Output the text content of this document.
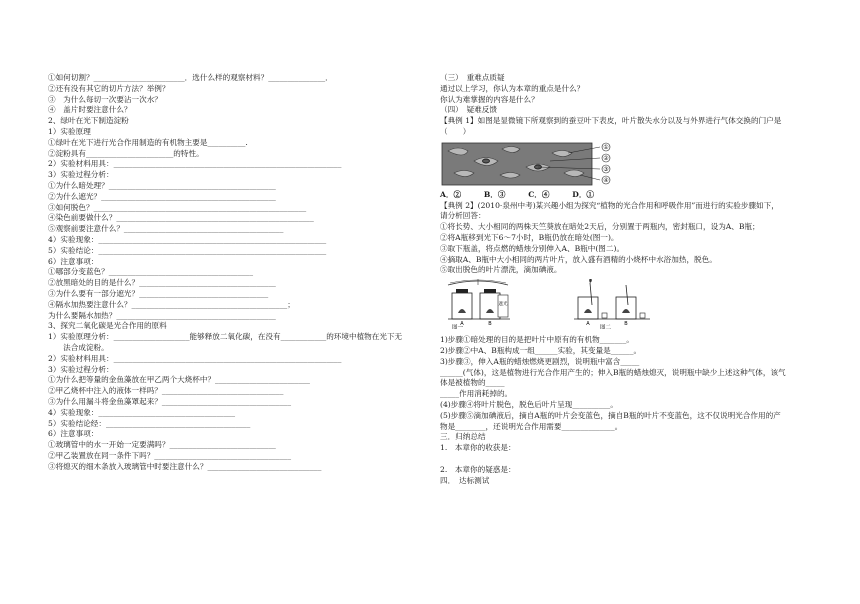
①如何切割？________________________．选什么样的观察材料？_______________．
②还有没有其它的切片方法？举例？
③　为什么每切一次要沾一次水？
④　盖片时要注意什么？
2、绿叶在光下制造淀粉
1）实验原理
①绿叶在光下进行光合作用制造的有机物主要是__________.
②淀粉具有_______________________的特性。
2）实验材料用具：____________________________________________________________
3）实验过程分析：
①为什么暗处理？____________________________________________
②为什么遮光？______________________________________________
③如何脱色？________________________________________________________
④染色前要做什么？____________________________________________________
⑤观察前要注意什么？__________________________________________
4）实验现象：____________________________________________________________
5）实验结论：____________________________________________________________
6）注意事项：
①哪部分变蓝色？______________________________________
②放黑暗处的目的是什么？____________________________________
③为什么要有一部分遮光？__________________________________
④隔水加热要注意什么？_________________________________________；
为什么要隔水加热？__________________________________________
3、探究二氧化碳是光合作用的原料
1）实验原理分析：____________________能够释放二氧化碳，在没有____________的环境中植物在光下无
　　法合成淀粉。
2）实验材料用具：____________________________________________________________
3）实验过程分析：
①为什么把等量的金鱼藻放在甲乙两个大烧杯中？_________________________
②甲乙烧杯中注入的液体一样吗？________________________________
③为什么用漏斗将金鱼藻罩起来？__________________________________
4）实验现象：____________________________________
5）实验结论经：______________________________________
6）注意事项：
①玻璃管中的水一开始一定要满吗？____________________________
②甲乙装置放在同一条件下吗？____________________________________
③将熄灭的细木条放入玻璃管中时要注意什么？______________________________
（三）　重难点质疑
通过以上学习，你认为本章的重点是什么？
你认为难掌握的内容是什么？
（四）　疑难反馈
【典例 1】如图是显微镜下所观察到的蚕豆叶下表皮，叶片散失水分以及与外界进行气体交换的门户是
（　　）
①
②
③
④
A．②　　　B．③　　　C．④　　　D．①
【典例 2】(2010·泉州中考)某兴趣小组为探究“植物的光合作用和呼吸作用”而进行的实验步骤如下，
请分析回答：
①将长势、大小相同的两株天竺葵放在暗处2天后，分别置于两瓶内，密封瓶口，设为A、B瓶；
②将A瓶移到光下6～7小时，B瓶仍放在暗处(图一)。
③取下瓶盖，将点燃的蜡烛分别伸入A、B瓶中(图二)。
④摘取A、B瓶中大小相同的两片叶片，放入盛有酒精的小烧杯中水浴加热，脱色。
⑤取出脱色的叶片漂洗，滴加碘液。
遮光
A	B
图一
A	B
图二
1)步骤①暗处理的目的是把叶片中原有的有机物_______。
2)步骤②中A、B瓶构成一组______实验，其变量是______。
3)步骤③，伸入A瓶的蜡烛燃烧更剧烈，说明瓶中富含_____
______(气体)，这是植物进行光合作用产生的；伸入B瓶的蜡烛熄灭，说明瓶中缺少上述这种气体，该气
体是被植物的_____
_____作用消耗掉的。
(4)步骤④将叶片脱色，脱色后叶片呈现__________。
(5)步骤⑤滴加碘液后，摘自A瓶的叶片会变蓝色，摘自B瓶的叶片不变蓝色，这不仅说明光合作用的产
物是________，还说明光合作用需要______________。
三．归纳总结
1.　本章你的收获是：
2.　本章你的疑惑是：
四．　达标测试
